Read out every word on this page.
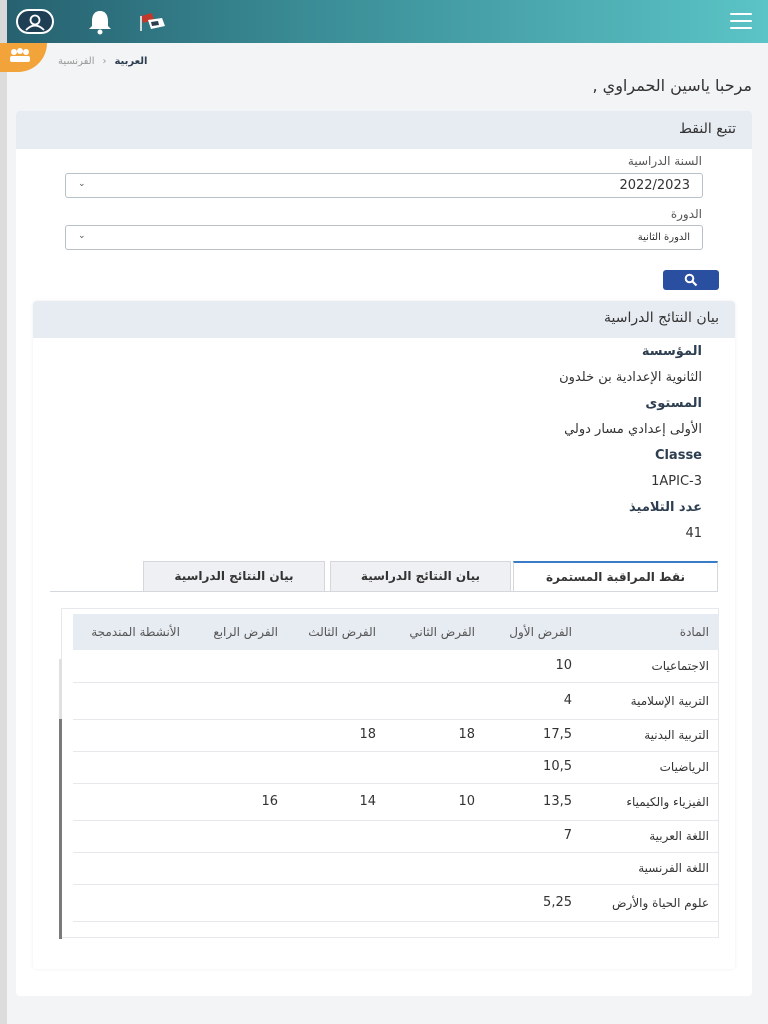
العربية
‹
الفرنسية
مرحبا ياسين الحمراوي ,
تتبع النقط
السنة الدراسية
2022/2023
⌄
الدورة
الدورة الثانية
⌄
بيان النتائج الدراسية
المؤسسة
الثانوية الإعدادية بن خلدون
المستوى
الأولى إعدادي مسار دولي
Classe
1APIC-3
عدد التلاميذ
41
نقط المراقبة المستمرة
بيان النتائج الدراسية
بيان النتائج الدراسية
المادة	الفرض الأول	الفرض الثاني	الفرض الثالث	الفرض الرابع	الأنشطة المندمجة
الاجتماعيات	10				
التربية الإسلامية	4				
التربية البدنية	17,5	18	18		
الرياضيات	10,5				
الفيزياء والكيمياء	13,5	10	14	16	
اللغة العربية	7				
اللغة الفرنسية					
علوم الحياة والأرض	5,25				
